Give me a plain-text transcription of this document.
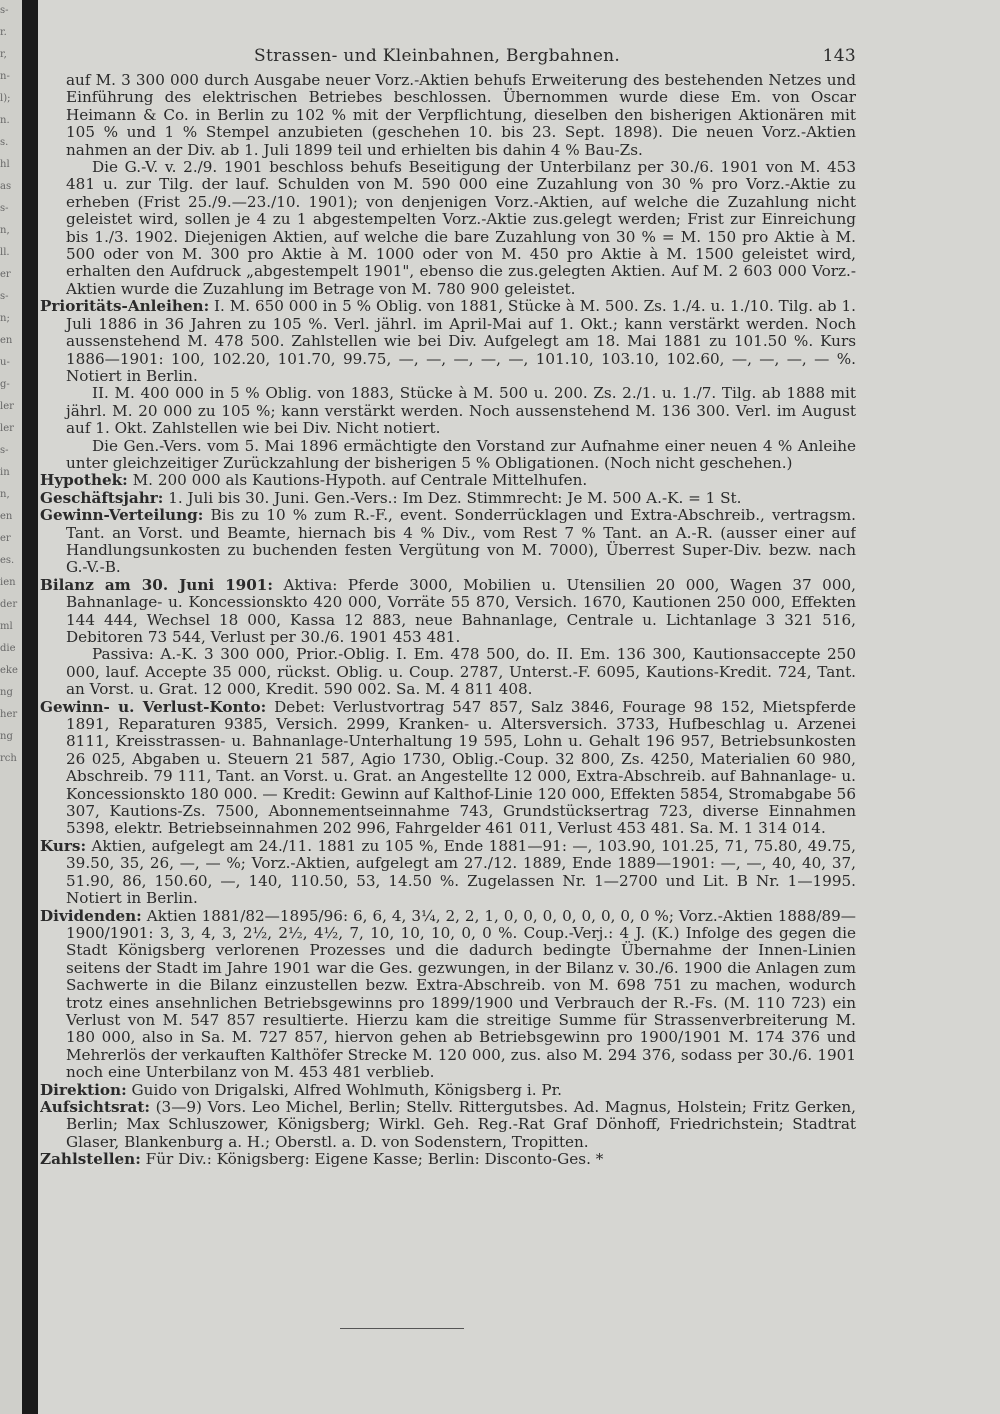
s-
r.
r,
n-
l);
n.
s.
hl
as
s-
n,
ll.
er
s-
n;
en
u-
g-
ler
ler
s-
in
n,
en
er
es.
ien
der
ml
die
eke
ng
her
ng
rch
Strassen- und Kleinbahnen, Bergbahnen.	143

auf M. 3 300 000 durch Ausgabe neuer Vorz.-Aktien behufs Erweiterung des bestehenden Netzes und Einführung des elektrischen Betriebes beschlossen. Übernommen wurde diese Em. von Oscar Heimann & Co. in Berlin zu 102 % mit der Verpflichtung, dieselben den bisherigen Aktionären mit 105 % und 1 % Stempel anzubieten (geschehen 10. bis 23. Sept. 1898). Die neuen Vorz.-Aktien nahmen an der Div. ab 1. Juli 1899 teil und erhielten bis dahin 4 % Bau-Zs.

Die G.-V. v. 2./9. 1901 beschloss behufs Beseitigung der Unterbilanz per 30./6. 1901 von M. 453 481 u. zur Tilg. der lauf. Schulden von M. 590 000 eine Zuzahlung von 30 % pro Vorz.-Aktie zu erheben (Frist 25./9.—23./10. 1901); von denjenigen Vorz.-Aktien, auf welche die Zuzahlung nicht geleistet wird, sollen je 4 zu 1 abgestempelten Vorz.-Aktie zus.gelegt werden; Frist zur Einreichung bis 1./3. 1902. Diejenigen Aktien, auf welche die bare Zuzahlung von 30 % = M. 150 pro Aktie à M. 500 oder von M. 300 pro Aktie à M. 1000 oder von M. 450 pro Aktie à M. 1500 geleistet wird, erhalten den Aufdruck „abgestempelt 1901", ebenso die zus.gelegten Aktien. Auf M. 2 603 000 Vorz.-Aktien wurde die Zuzahlung im Betrage von M. 780 900 geleistet.

Prioritäts-Anleihen: I. M. 650 000 in 5 % Oblig. von 1881, Stücke à M. 500. Zs. 1./4. u. 1./10. Tilg. ab 1. Juli 1886 in 36 Jahren zu 105 %. Verl. jährl. im April-Mai auf 1. Okt.; kann verstärkt werden. Noch aussenstehend M. 478 500. Zahlstellen wie bei Div. Aufgelegt am 18. Mai 1881 zu 101.50 %. Kurs 1886—1901: 100, 102.20, 101.70, 99.75, —, —, —, —, —, 101.10, 103.10, 102.60, —, —, —, — %. Notiert in Berlin.

II. M. 400 000 in 5 % Oblig. von 1883, Stücke à M. 500 u. 200. Zs. 2./1. u. 1./7. Tilg. ab 1888 mit jährl. M. 20 000 zu 105 %; kann verstärkt werden. Noch aussenstehend M. 136 300. Verl. im August auf 1. Okt. Zahlstellen wie bei Div. Nicht notiert.

Die Gen.-Vers. vom 5. Mai 1896 ermächtigte den Vorstand zur Aufnahme einer neuen 4 % Anleihe unter gleichzeitiger Zurückzahlung der bisherigen 5 % Obligationen. (Noch nicht geschehen.)

Hypothek: M. 200 000 als Kautions-Hypoth. auf Centrale Mittelhufen.

Geschäftsjahr: 1. Juli bis 30. Juni. Gen.-Vers.: Im Dez. Stimmrecht: Je M. 500 A.-K. = 1 St.

Gewinn-Verteilung: Bis zu 10 % zum R.-F., event. Sonderrücklagen und Extra-Abschreib., vertragsm. Tant. an Vorst. und Beamte, hiernach bis 4 % Div., vom Rest 7 % Tant. an A.-R. (ausser einer auf Handlungsunkosten zu buchenden festen Vergütung von M. 7000), Überrest Super-Div. bezw. nach G.-V.-B.

Bilanz am 30. Juni 1901: Aktiva: Pferde 3000, Mobilien u. Utensilien 20 000, Wagen 37 000, Bahnanlage- u. Koncessionskto 420 000, Vorräte 55 870, Versich. 1670, Kautionen 250 000, Effekten 144 444, Wechsel 18 000, Kassa 12 883, neue Bahnanlage, Centrale u. Lichtanlage 3 321 516, Debitoren 73 544, Verlust per 30./6. 1901 453 481.

Passiva: A.-K. 3 300 000, Prior.-Oblig. I. Em. 478 500, do. II. Em. 136 300, Kautionsaccepte 250 000, lauf. Accepte 35 000, rückst. Oblig. u. Coup. 2787, Unterst.-F. 6095, Kautions-Kredit. 724, Tant. an Vorst. u. Grat. 12 000, Kredit. 590 002. Sa. M. 4 811 408.

Gewinn- u. Verlust-Konto: Debet: Verlustvortrag 547 857, Salz 3846, Fourage 98 152, Mietspferde 1891, Reparaturen 9385, Versich. 2999, Kranken- u. Altersversich. 3733, Hufbeschlag u. Arzenei 8111, Kreisstrassen- u. Bahnanlage-Unterhaltung 19 595, Lohn u. Gehalt 196 957, Betriebsunkosten 26 025, Abgaben u. Steuern 21 587, Agio 1730, Oblig.-Coup. 32 800, Zs. 4250, Materialien 60 980, Abschreib. 79 111, Tant. an Vorst. u. Grat. an Angestellte 12 000, Extra-Abschreib. auf Bahnanlage- u. Koncessionskto 180 000. — Kredit: Gewinn auf Kalthof-Linie 120 000, Effekten 5854, Stromabgabe 56 307, Kautions-Zs. 7500, Abonnementseinnahme 743, Grundstücksertrag 723, diverse Einnahmen 5398, elektr. Betriebseinnahmen 202 996, Fahrgelder 461 011, Verlust 453 481. Sa. M. 1 314 014.

Kurs: Aktien, aufgelegt am 24./11. 1881 zu 105 %, Ende 1881—91: —, 103.90, 101.25, 71, 75.80, 49.75, 39.50, 35, 26, —, — %; Vorz.-Aktien, aufgelegt am 27./12. 1889, Ende 1889—1901: —, —, 40, 40, 37, 51.90, 86, 150.60, —, 140, 110.50, 53, 14.50 %. Zugelassen Nr. 1—2700 und Lit. B Nr. 1—1995. Notiert in Berlin.

Dividenden: Aktien 1881/82—1895/96: 6, 6, 4, 3¼, 2, 2, 1, 0, 0, 0, 0, 0, 0, 0, 0 %; Vorz.-Aktien 1888/89—1900/1901: 3, 3, 4, 3, 2½, 2½, 4½, 7, 10, 10, 10, 0, 0 %. Coup.-Verj.: 4 J. (K.) Infolge des gegen die Stadt Königsberg verlorenen Prozesses und die dadurch bedingte Übernahme der Innen-Linien seitens der Stadt im Jahre 1901 war die Ges. gezwungen, in der Bilanz v. 30./6. 1900 die Anlagen zum Sachwerte in die Bilanz einzustellen bezw. Extra-Abschreib. von M. 698 751 zu machen, wodurch trotz eines ansehnlichen Betriebsgewinns pro 1899/1900 und Verbrauch der R.-Fs. (M. 110 723) ein Verlust von M. 547 857 resultierte. Hierzu kam die streitige Summe für Strassenverbreiterung M. 180 000, also in Sa. M. 727 857, hiervon gehen ab Betriebsgewinn pro 1900/1901 M. 174 376 und Mehrerlös der verkauften Kalthöfer Strecke M. 120 000, zus. also M. 294 376, sodass per 30./6. 1901 noch eine Unterbilanz von M. 453 481 verblieb.

Direktion: Guido von Drigalski, Alfred Wohlmuth, Königsberg i. Pr.

Aufsichtsrat: (3—9) Vors. Leo Michel, Berlin; Stellv. Rittergutsbes. Ad. Magnus, Holstein; Fritz Gerken, Berlin; Max Schluszower, Königsberg; Wirkl. Geh. Reg.-Rat Graf Dönhoff, Friedrichstein; Stadtrat Glaser, Blankenburg a. H.; Oberstl. a. D. von Sodenstern, Tropitten.

Zahlstellen: Für Div.: Königsberg: Eigene Kasse; Berlin: Disconto-Ges. *
